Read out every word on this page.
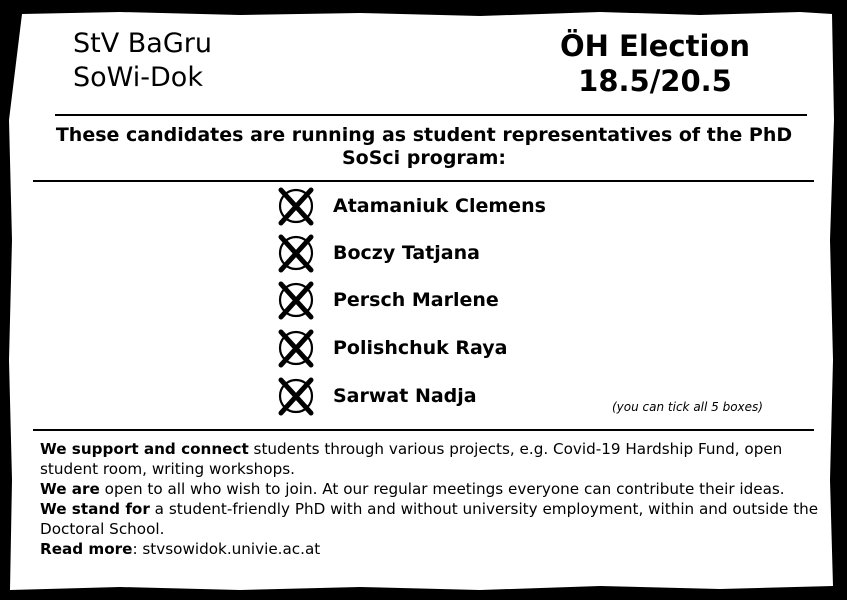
StV BaGru
SoWi-Dok
ÖH Election
18.5/20.5
These candidates are running as student representatives of the PhD SoSci program:
Atamaniuk Clemens
Boczy Tatjana
Persch Marlene
Polishchuk Raya
Sarwat Nadja	(you can tick all 5 boxes)

We support and connect students through various projects, e.g. Covid-19 Hardship Fund, open student room, writing workshops.

We are open to all who wish to join. At our regular meetings everyone can contribute their ideas.

We stand for a student-friendly PhD with and without university employment, within and outside the Doctoral School.

Read more: stvsowidok.univie.ac.at
